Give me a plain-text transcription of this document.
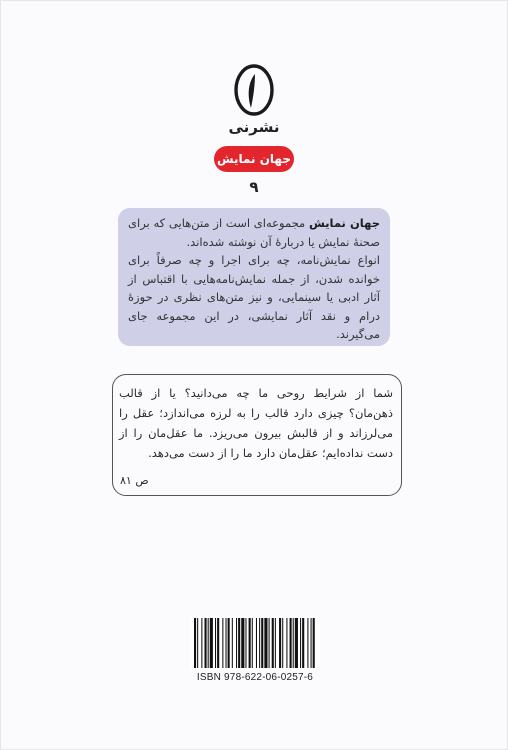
نشرنی
جهان نمایش
۹
جهان نمایش مجموعه‌ای است از متن‌هایی که برای صحنهٔ نمایش یا دربارهٔ آن نوشته شده‌اند.
انواع نمایش‌نامه، چه برای اجرا و چه صرفاً برای خوانده شدن، از جمله نمایش‌نامه‌هایی با اقتباس از آثار ادبی یا سینمایی، و نیز متن‌های نظری در حوزهٔ درام و نقد آثار نمایشی، در این مجموعه جای می‌گیرند.
شما از شرایط روحی ما چه می‌دانید؟ یا از قالب ذهن‌مان؟ چیزی دارد قالب را به لرزه می‌اندازد؛ عقل را می‌لرزاند و از قالبش بیرون می‌ریزد. ما عقل‌مان را از دست نداده‌ایم؛ عقل‌مان دارد ما را از دست می‌دهد.
ص ۸۱
ISBN 978-622-06-0257-6
